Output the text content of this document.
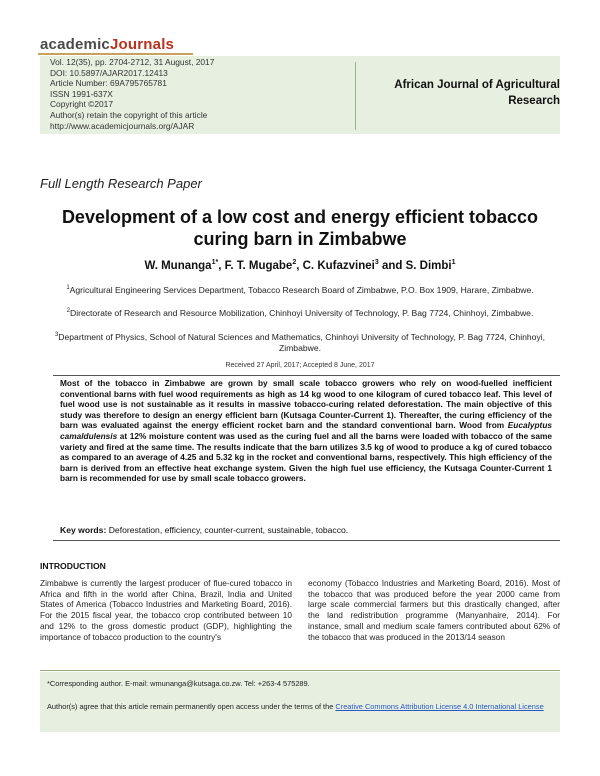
academicJournals
Vol. 12(35), pp. 2704-2712, 31 August, 2017
DOI: 10.5897/AJAR2017.12413
Article Number: 69A795765781
ISSN 1991-637X
Copyright ©2017
Author(s) retain the copyright of this article
http://www.academicjournals.org/AJAR
African Journal of Agricultural Research
Full Length Research Paper
Development of a low cost and energy efficient tobacco curing barn in Zimbabwe
W. Munanga$^{1*}$, F. T. Mugabe$^2$, C. Kufazvinei$^3$ and S. Dimbi$^1$
$^1$Agricultural Engineering Services Department, Tobacco Research Board of Zimbabwe, P.O. Box 1909, Harare, Zimbabwe.
$^2$Directorate of Research and Resource Mobilization, Chinhoyi University of Technology, P. Bag 7724, Chinhoyi, Zimbabwe.
$^3$Department of Physics, School of Natural Sciences and Mathematics, Chinhoyi University of Technology, P. Bag 7724, Chinhoyi, Zimbabwe.
Received 27 April, 2017; Accepted 8 June, 2017
Most of the tobacco in Zimbabwe are grown by small scale tobacco growers who rely on wood-fuelled inefficient conventional barns with fuel wood requirements as high as 14 kg wood to one kilogram of cured tobacco leaf. This level of fuel wood use is not sustainable as it results in massive tobacco-curing related deforestation. The main objective of this study was therefore to design an energy efficient barn (Kutsaga Counter-Current 1). Thereafter, the curing efficiency of the barn was evaluated against the energy efficient rocket barn and the standard conventional barn. Wood from Eucalyptus camaldulensis at 12% moisture content was used as the curing fuel and all the barns were loaded with tobacco of the same variety and fired at the same time. The results indicate that the barn utilizes 3.5 kg of wood to produce a kg of cured tobacco as compared to an average of 4.25 and 5.32 kg in the rocket and conventional barns, respectively. This high efficiency of the barn is derived from an effective heat exchange system. Given the high fuel use efficiency, the Kutsaga Counter-Current 1 barn is recommended for use by small scale tobacco growers.
Key words: Deforestation, efficiency, counter-current, sustainable, tobacco.
INTRODUCTION
Zimbabwe is currently the largest producer of flue-cured tobacco in Africa and fifth in the world after China, Brazil, India and United States of America (Tobacco Industries and Marketing Board, 2016). For the 2015 fiscal year, the tobacco crop contributed between 10 and 12% to the gross domestic product (GDP), highlighting the importance of tobacco production to the country's
economy (Tobacco Industries and Marketing Board, 2016). Most of the tobacco that was produced before the year 2000 came from large scale commercial farmers but this drastically changed, after the land redistribution programme (Manyanhaire, 2014). For instance, small and medium scale famers contributed about 62% of the tobacco that was produced in the 2013/14 season
*Corresponding author. E-mail: wmunanga@kutsaga.co.zw. Tel: +263-4 575289.
Author(s) agree that this article remain permanently open access under the terms of the Creative Commons Attribution License 4.0 International License
